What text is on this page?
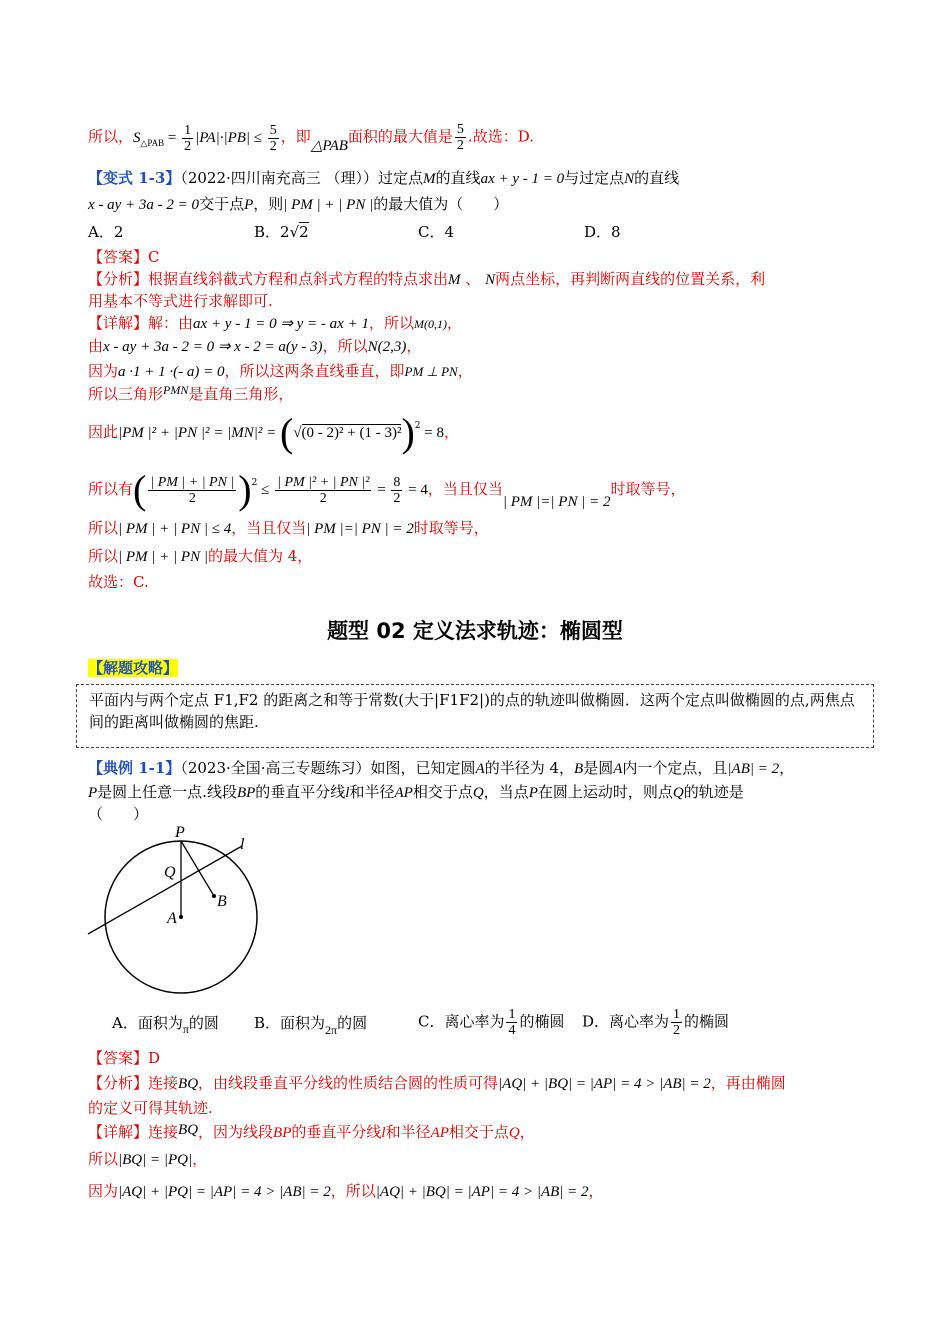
所以，$S_{\triangle PAB} = \frac{1}{2} |PA|\cdot|PB| \le \frac{5}{2}$ ，即△PAB面积的最大值是 $\frac{5}{2}$ .故选：D.
【变式 1-3】（2022·四川南充高三 （理））过定点M的直线ax + y - 1 = 0与过定点N的直线
x - ay + 3a - 2 = 0交于点P，则| PM | + | PN |的最大值为（　　）
A．2	B．2√2	C．4	D．8
【答案】C
【分析】根据直线斜截式方程和点斜式方程的特点求出M 、 N两点坐标，再判断两直线的位置关系，利
用基本不等式进行求解即可.
【详解】解：由ax + y - 1 = 0 ⇒ y = - ax + 1，所以M(0,1)，
由x - ay + 3a - 2 = 0 ⇒ x - 2 = a(y - 3)，所以N(2,3)，
因为a ·1 + 1 ·(- a) = 0，所以这两条直线垂直，即PM ⊥ PN，
所以三角形$^{PMN}$是直角三角形，
因此|PM |² + |PN $|^2 = |MN|^2 = (√(0 - 2)^2 + (1 - 3)^2)^2 = 8$，
所以有( $\frac{| PM | + | PN |}{2} )^2 \le \frac{\text{| PM |² + | PN |²}}{2} = \frac{8}{2} = 4$，当且仅当| PM |=| PN | = 2时取等号，
所以| PM | + | PN | ≤ 4，当且仅当| PM |=| PN | = 2时取等号，
所以| PM | + | PN |的最大值为 4，
故选：C.
题型 02 定义法求轨迹：椭圆型
【解题攻略】

平面内与两个定点 F1,F2 的距离之和等于常数(大于|F1F2|)的点的轨迹叫做椭圆．这两个定点叫做椭圆的点,两焦点间的距离叫做椭圆的焦距.

【典例 1-1】（2023·全国·高三专题练习）如图，已知定圆A的半径为 4，B是圆A内一个定点，且|AB| = 2，
P是圆上任意一点.线段BP的垂直平分线l和半径AP相交于点Q，当点P在圆上运动时，则点Q的轨迹是
（　　）
P
Q
B
A
l
A．面积为$_\pi$的圆 B．面积为$_{2\pi}$的圆	C．离心率为 $\frac{1}{4}$ 的椭圆 D．离心率为 $\frac{1}{2}$ 的椭圆
【答案】D
【分析】连接BQ，由线段垂直平分线的性质结合圆的性质可得|AQ| + |BQ| = |AP| = 4 > |AB| = 2，再由椭圆
的定义可得其轨迹.
【详解】连接BQ，因为线段BP的垂直平分线l和半径AP相交于点Q，
所以|BQ| = |PQ|，
因为|AQ| + |PQ| = |AP| = 4 > |AB| = 2，所以|AQ| + |BQ| = |AP| = 4 > |AB| = 2，
